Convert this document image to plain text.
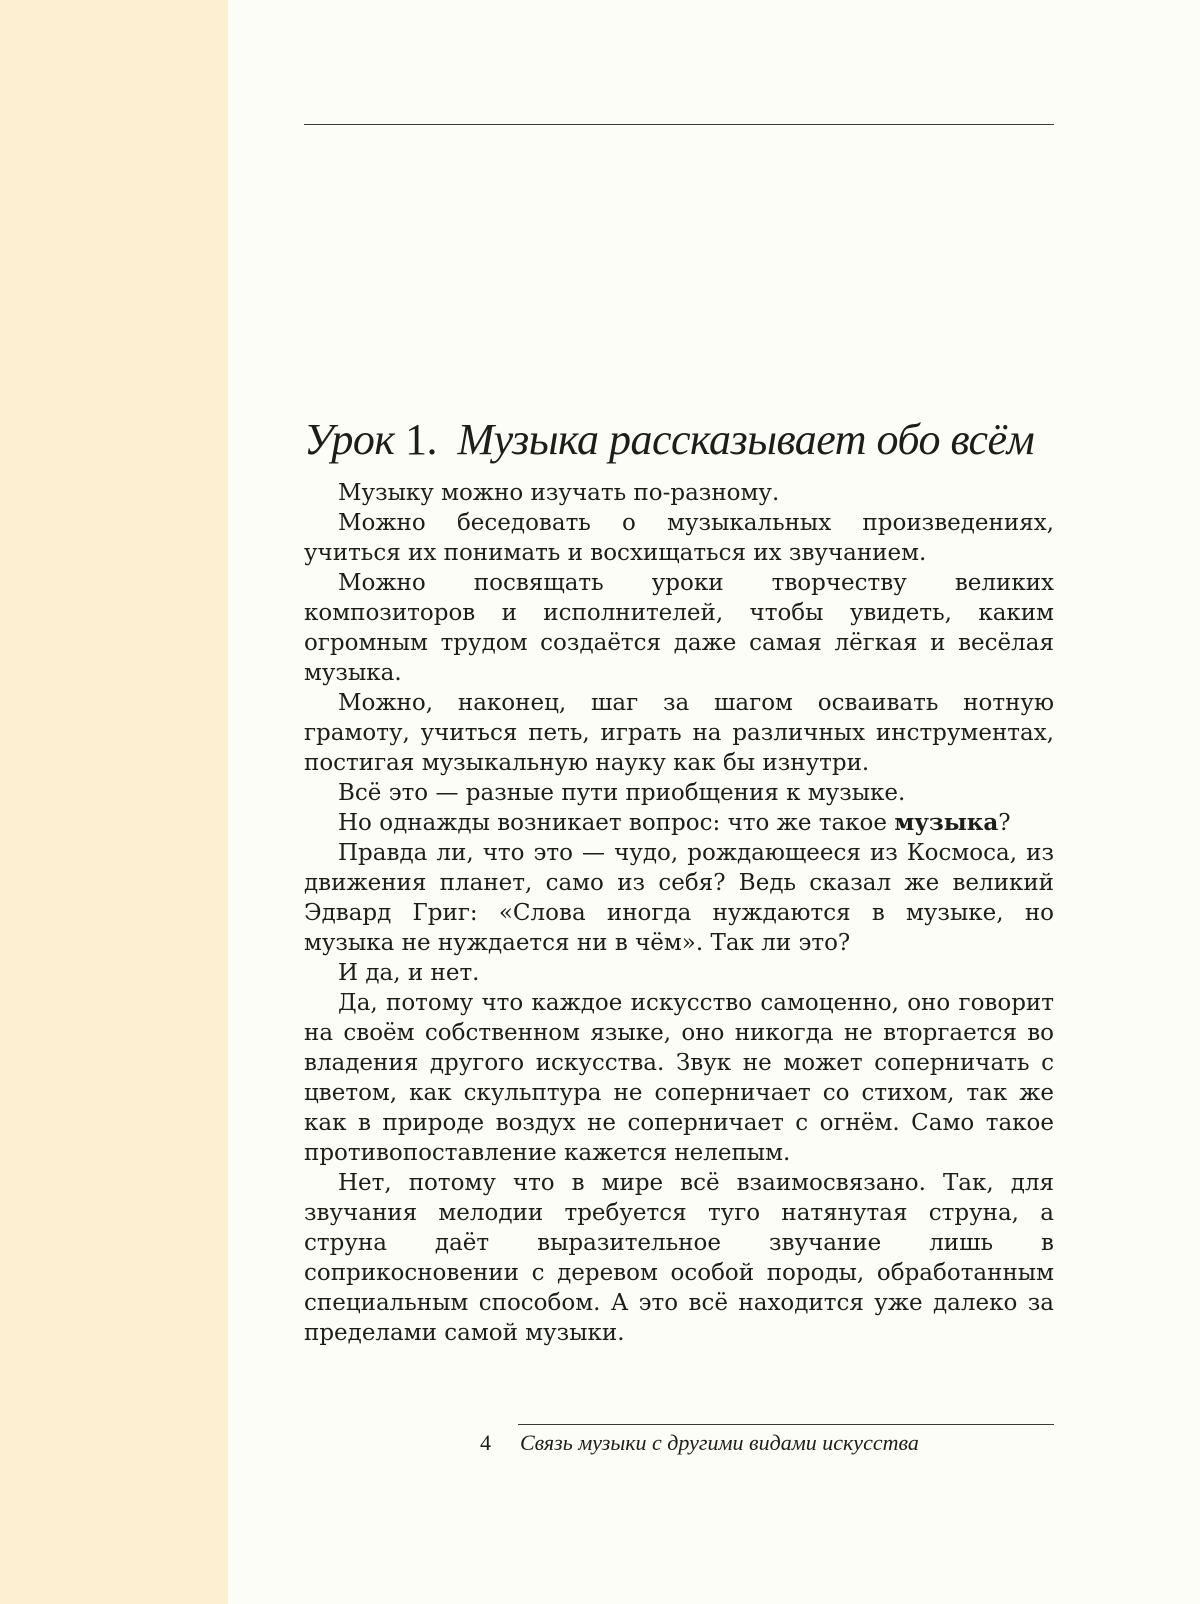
Урок 1. Музыка рассказывает обо всём

Музыку можно изучать по-разному.

Можно беседовать о музыкальных произведениях, учиться их понимать и восхищаться их звучанием.

Можно посвящать уроки творчеству великих композиторов и исполнителей, чтобы увидеть, каким огромным трудом создаётся даже самая лёгкая и весёлая музыка.

Можно, наконец, шаг за шагом осваивать нотную грамоту, учиться петь, играть на различных инструментах, постигая музыкальную науку как бы изнутри.

Всё это — разные пути приобщения к музыке.

Но однажды возникает вопрос: что же такое музыка?

Правда ли, что это — чудо, рождающееся из Космоса, из движения планет, само из себя? Ведь сказал же великий Эдвард Григ: «Слова иногда нуждаются в музыке, но музыка не нуждается ни в чём». Так ли это?

И да, и нет.

Да, потому что каждое искусство самоценно, оно говорит на своём собственном языке, оно никогда не вторгается во владения другого искусства. Звук не может соперничать с цветом, как скульптура не соперничает со стихом, так же как в природе воздух не соперничает с огнём. Само такое противопоставление кажется нелепым.

Нет, потому что в мире всё взаимосвязано. Так, для звучания мелодии требуется туго натянутая струна, а струна даёт выразительное звучание лишь в соприкосновении с деревом особой породы, обработанным специальным способом. А это всё находится уже далеко за пределами самой музыки.

4 Связь музыки с другими видами искусства
